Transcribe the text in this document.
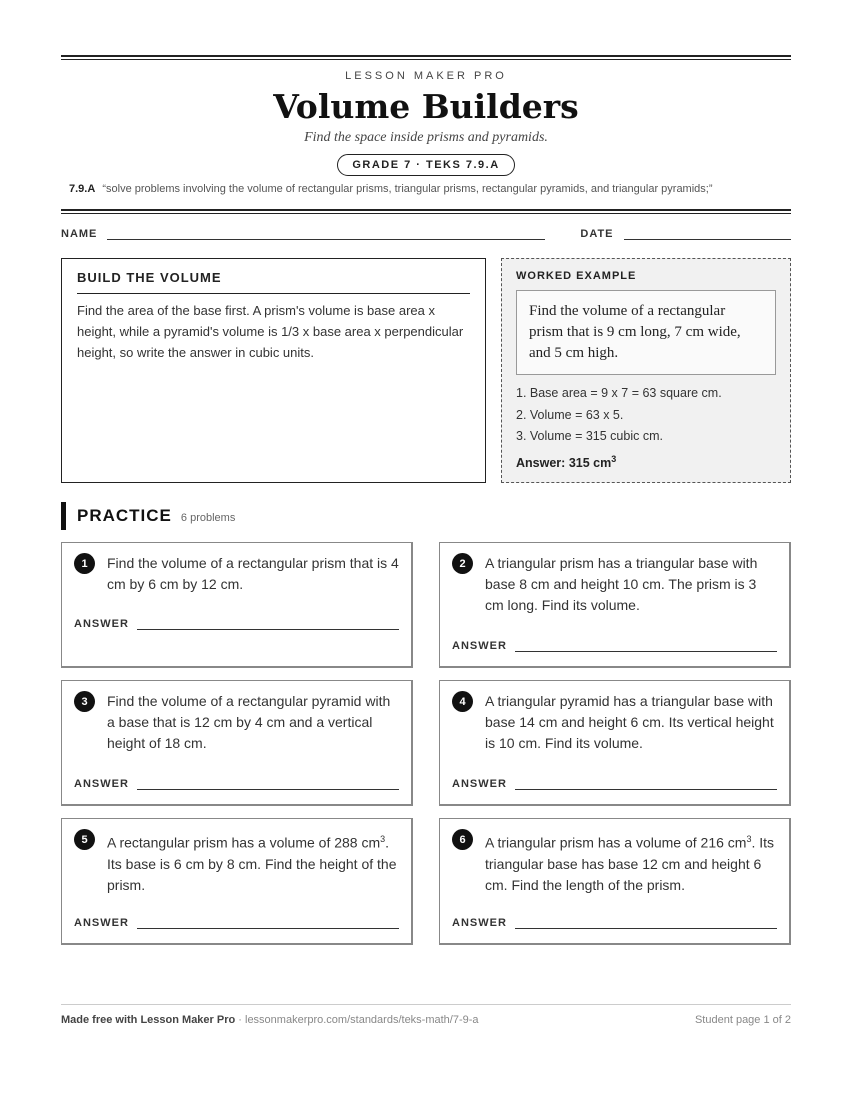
LESSON MAKER PRO
Volume Builders
Find the space inside prisms and pyramids.
GRADE 7 · TEKS 7.9.A
7.9.A “solve problems involving the volume of rectangular prisms, triangular prisms, rectangular pyramids, and triangular pyramids;”
NAME	DATE
BUILD THE VOLUME
Find the area of the base first. A prism's volume is base area x height, while a pyramid's volume is 1/3 x base area x perpendicular height, so write the answer in cubic units.
WORKED EXAMPLE
Find the volume of a rectangular prism that is 9 cm long, 7 cm wide, and 5 cm high.
1. Base area = 9 x 7 = 63 square cm.
2. Volume = 63 x 5.
3. Volume = 315 cubic cm.
Answer: 315 $cm^3$
PRACTICE 6 problems
1	Find the volume of a rectangular prism that is 4 cm by 6 cm by 12 cm.
ANSWER
2	A triangular prism has a triangular base with base 8 cm and height 10 cm. The prism is 3 cm long. Find its volume.
ANSWER
3	Find the volume of a rectangular pyramid with a base that is 12 cm by 4 cm and a vertical height of 18 cm.
ANSWER
4	A triangular pyramid has a triangular base with base 14 cm and height 6 cm. Its vertical height is 10 cm. Find its volume.
ANSWER
5	A rectangular prism has a volume of 288 $cm^3$. Its base is 6 cm by 8 cm. Find the height of the prism.
ANSWER
6	A triangular prism has a volume of 216 $cm^3$. Its triangular base has base 12 cm and height 6 cm. Find the length of the prism.
ANSWER
Made free with Lesson Maker Pro · lessonmakerpro.com/standards/teks-math/7-9-a	Student page 1 of 2
